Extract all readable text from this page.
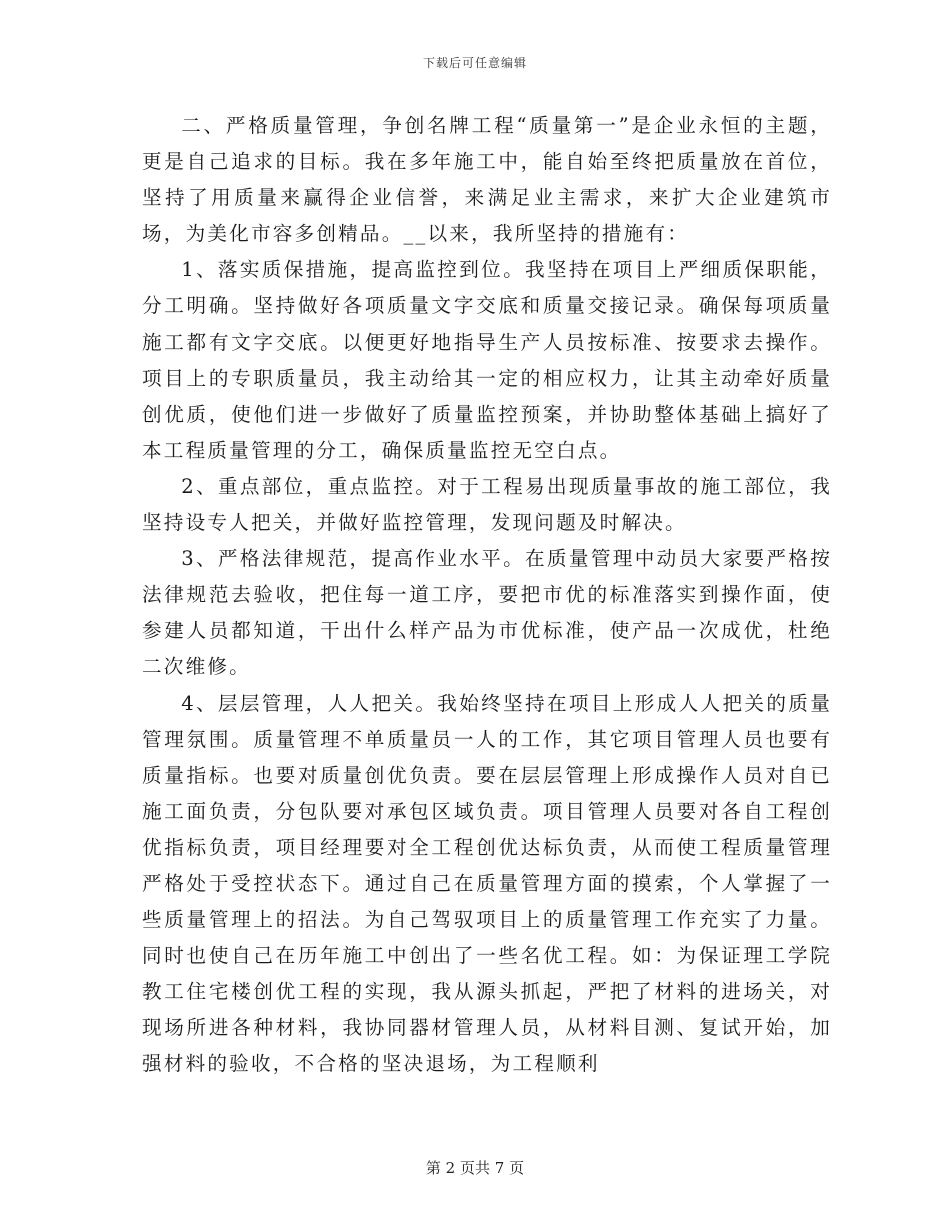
下载后可任意编辑

二、严格质量管理，争创名牌工程“质量第一”是企业永恒的主题，更是自己追求的目标。我在多年施工中，能自始至终把质量放在首位，坚持了用质量来赢得企业信誉，来满足业主需求，来扩大企业建筑市场，为美化市容多创精品。__以来，我所坚持的措施有：

1、落实质保措施，提高监控到位。我坚持在项目上严细质保职能，分工明确。坚持做好各项质量文字交底和质量交接记录。确保每项质量施工都有文字交底。以便更好地指导生产人员按标准、按要求去操作。项目上的专职质量员，我主动给其一定的相应权力，让其主动牵好质量创优质，使他们进一步做好了质量监控预案，并协助整体基础上搞好了本工程质量管理的分工，确保质量监控无空白点。

2、重点部位，重点监控。对于工程易出现质量事故的施工部位，我坚持设专人把关，并做好监控管理，发现问题及时解决。

3、严格法律规范，提高作业水平。在质量管理中动员大家要严格按法律规范去验收，把住每一道工序，要把市优的标准落实到操作面，使参建人员都知道，干出什么样产品为市优标准，使产品一次成优，杜绝二次维修。

4、层层管理，人人把关。我始终坚持在项目上形成人人把关的质量管理氛围。质量管理不单质量员一人的工作，其它项目管理人员也要有质量指标。也要对质量创优负责。要在层层管理上形成操作人员对自已施工面负责，分包队要对承包区域负责。项目管理人员要对各自工程创优指标负责，项目经理要对全工程创优达标负责，从而使工程质量管理严格处于受控状态下。通过自己在质量管理方面的摸索，个人掌握了一些质量管理上的招法。为自己驾驭项目上的质量管理工作充实了力量。同时也使自己在历年施工中创出了一些名优工程。如：为保证理工学院教工住宅楼创优工程的实现，我从源头抓起，严把了材料的进场关，对现场所进各种材料，我协同器材管理人员，从材料目测、复试开始，加强材料的验收，不合格的坚决退场，为工程顺利

第 2 页共 7 页
